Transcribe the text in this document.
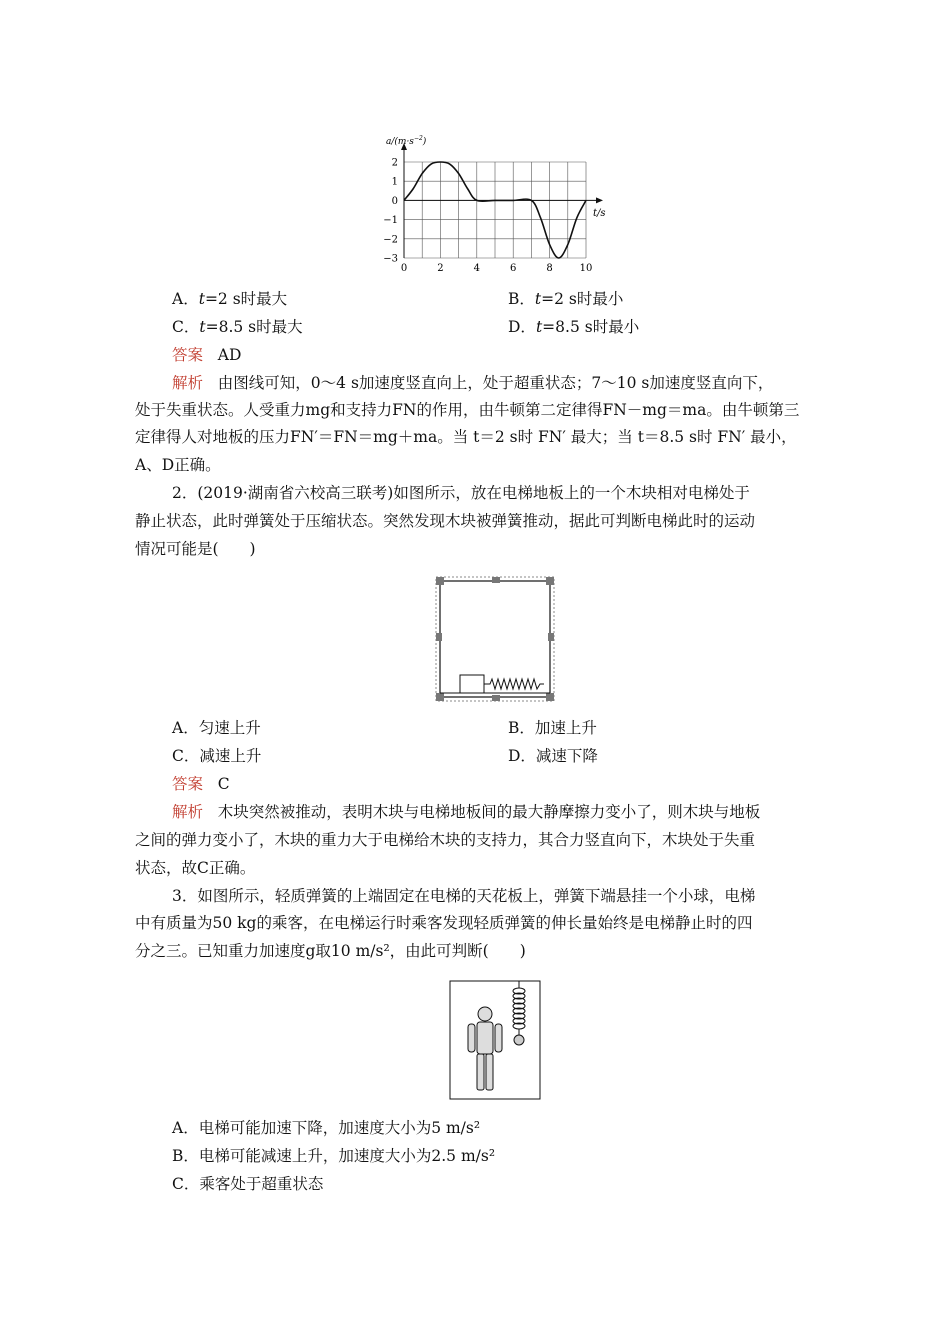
$a/(m\cdot s^{-2})$
t/s
2
1
0
−1
−2
−3
0	2	4	6	8	10
A．t=2 s时最大	B．t=2 s时最小
C．t=8.5 s时最大	D．t=8.5 s时最小
答案 AD
解析 由图线可知，0～4 s加速度竖直向上，处于超重状态；7～10 s加速度竖直向下，
处于失重状态。人受重力mg和支持力FN的作用，由牛顿第二定律得FN－mg＝ma。由牛顿第三
定律得人对地板的压力FN′＝FN＝mg＋ma。当 t＝2 s时 FN′ 最大；当 t＝8.5 s时 FN′ 最小，
A、D正确。
2．(2019·湖南省六校高三联考)如图所示，放在电梯地板上的一个木块相对电梯处于
静止状态，此时弹簧处于压缩状态。突然发现木块被弹簧推动，据此可判断电梯此时的运动
情况可能是(　　)
A．匀速上升	B．加速上升
C．减速上升	D．减速下降
答案 C
解析 木块突然被推动，表明木块与电梯地板间的最大静摩擦力变小了，则木块与地板
之间的弹力变小了，木块的重力大于电梯给木块的支持力，其合力竖直向下，木块处于失重
状态，故C正确。
3．如图所示，轻质弹簧的上端固定在电梯的天花板上，弹簧下端悬挂一个小球，电梯
中有质量为50 kg的乘客，在电梯运行时乘客发现轻质弹簧的伸长量始终是电梯静止时的四
分之三。已知重力加速度g取10 m/s²，由此可判断(　　)
A．电梯可能加速下降，加速度大小为5 m/s²
B．电梯可能减速上升，加速度大小为2.5 m/s²
C．乘客处于超重状态
